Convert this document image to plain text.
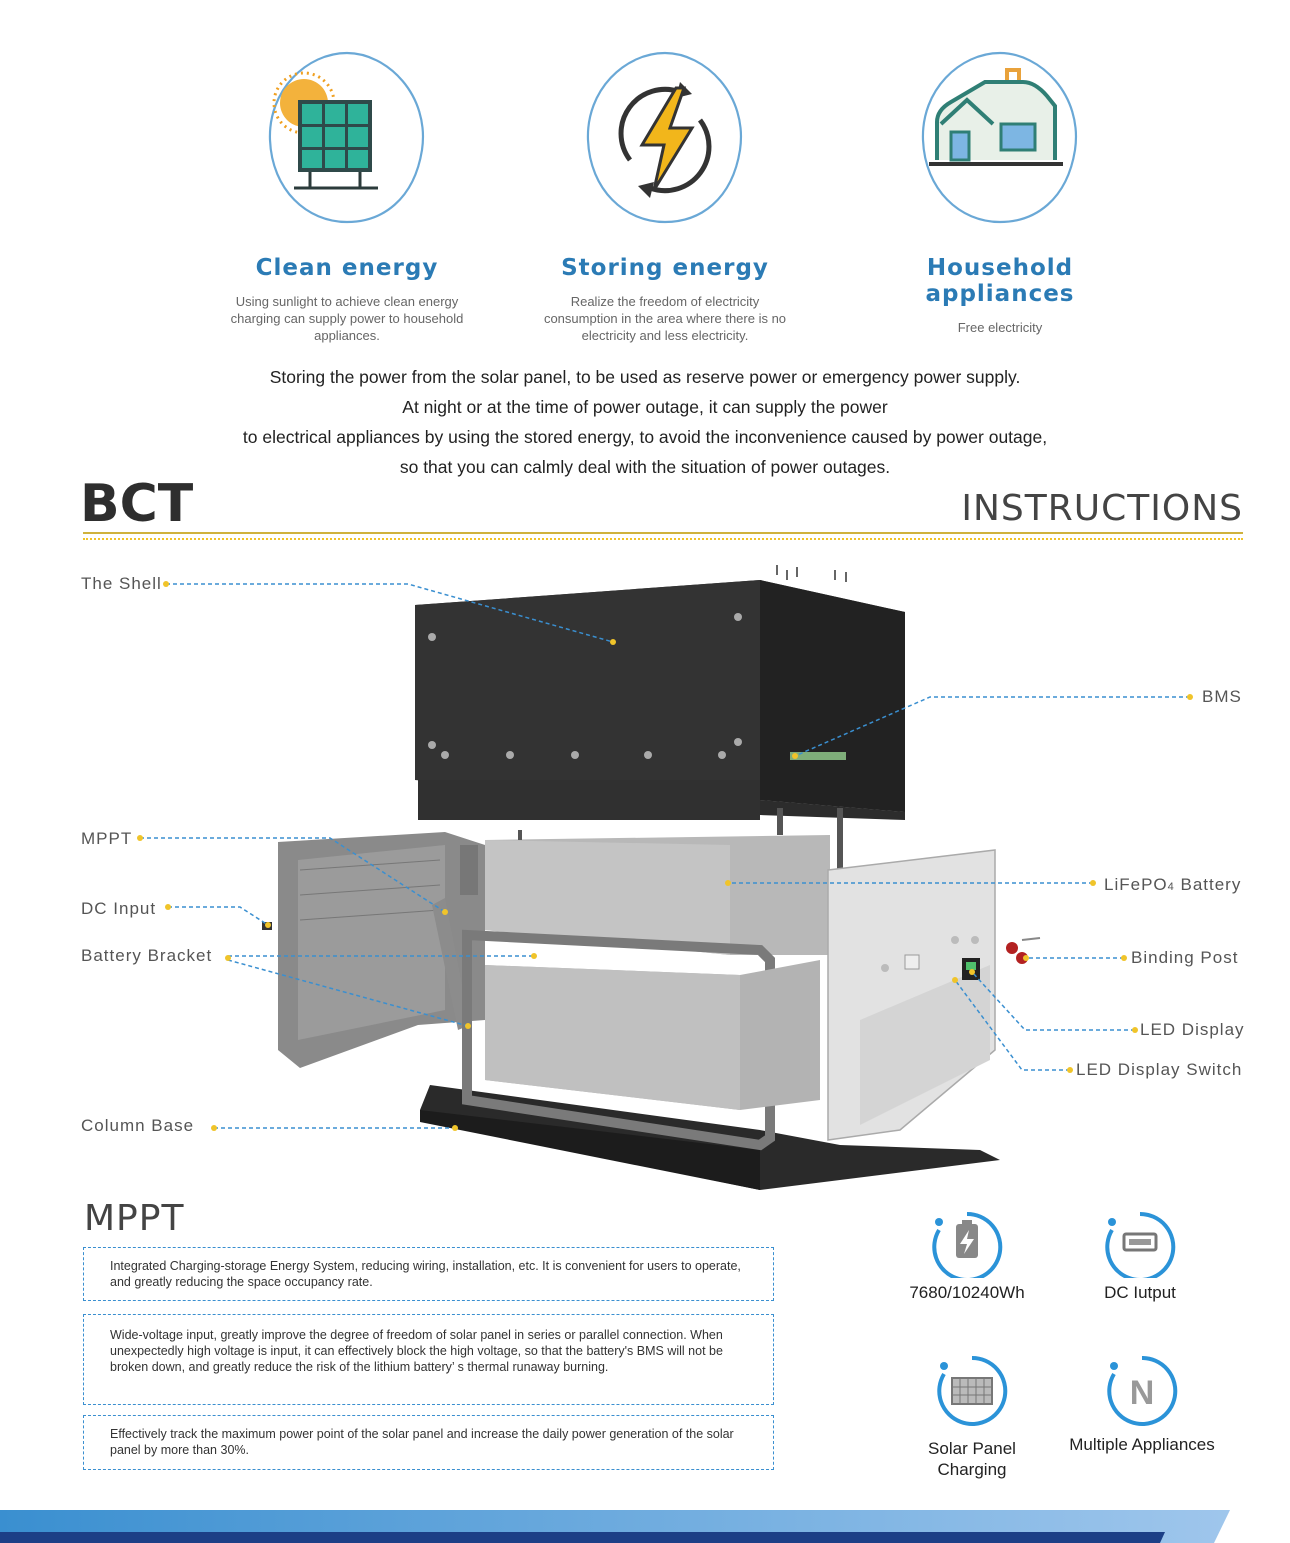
Clean energy

Using sunlight to achieve clean energy charging can supply power to household appliances.

Storing energy

Realize the freedom of electricity consumption in the area where there is no electricity and less electricity.

Household appliances

Free electricity

Storing the power from the solar panel, to be used as reserve power or emergency power supply.
At night or at the time of power outage, it can supply the power
to electrical appliances by using the stored energy, to avoid the inconvenience caused by power outage,
so that you can calmly deal with the situation of power outages.
BCT	INSTRUCTIONS
The Shell
BMS
MPPT
DC Input
Battery Bracket
Column Base
LiFePO4 Battery
Binding Post
LED Display
LED Display Switch
MPPT
Integrated Charging-storage Energy System, reducing wiring, installation, etc. It is convenient for users to operate, and greatly reducing the space occupancy rate.
Wide-voltage input, greatly improve the degree of freedom of solar panel in series or parallel connection. When unexpectedly high voltage is input, it can effectively block the high voltage, so that the battery's BMS will not be broken down, and greatly reduce the risk of the lithium battery’ s thermal runaway burning.
Effectively track the maximum power point of the solar panel and increase the daily power generation of the solar panel by more than 30%.
7680/10240Wh	DC Iutput
Solar Panel Charging
N
Multiple Appliances
